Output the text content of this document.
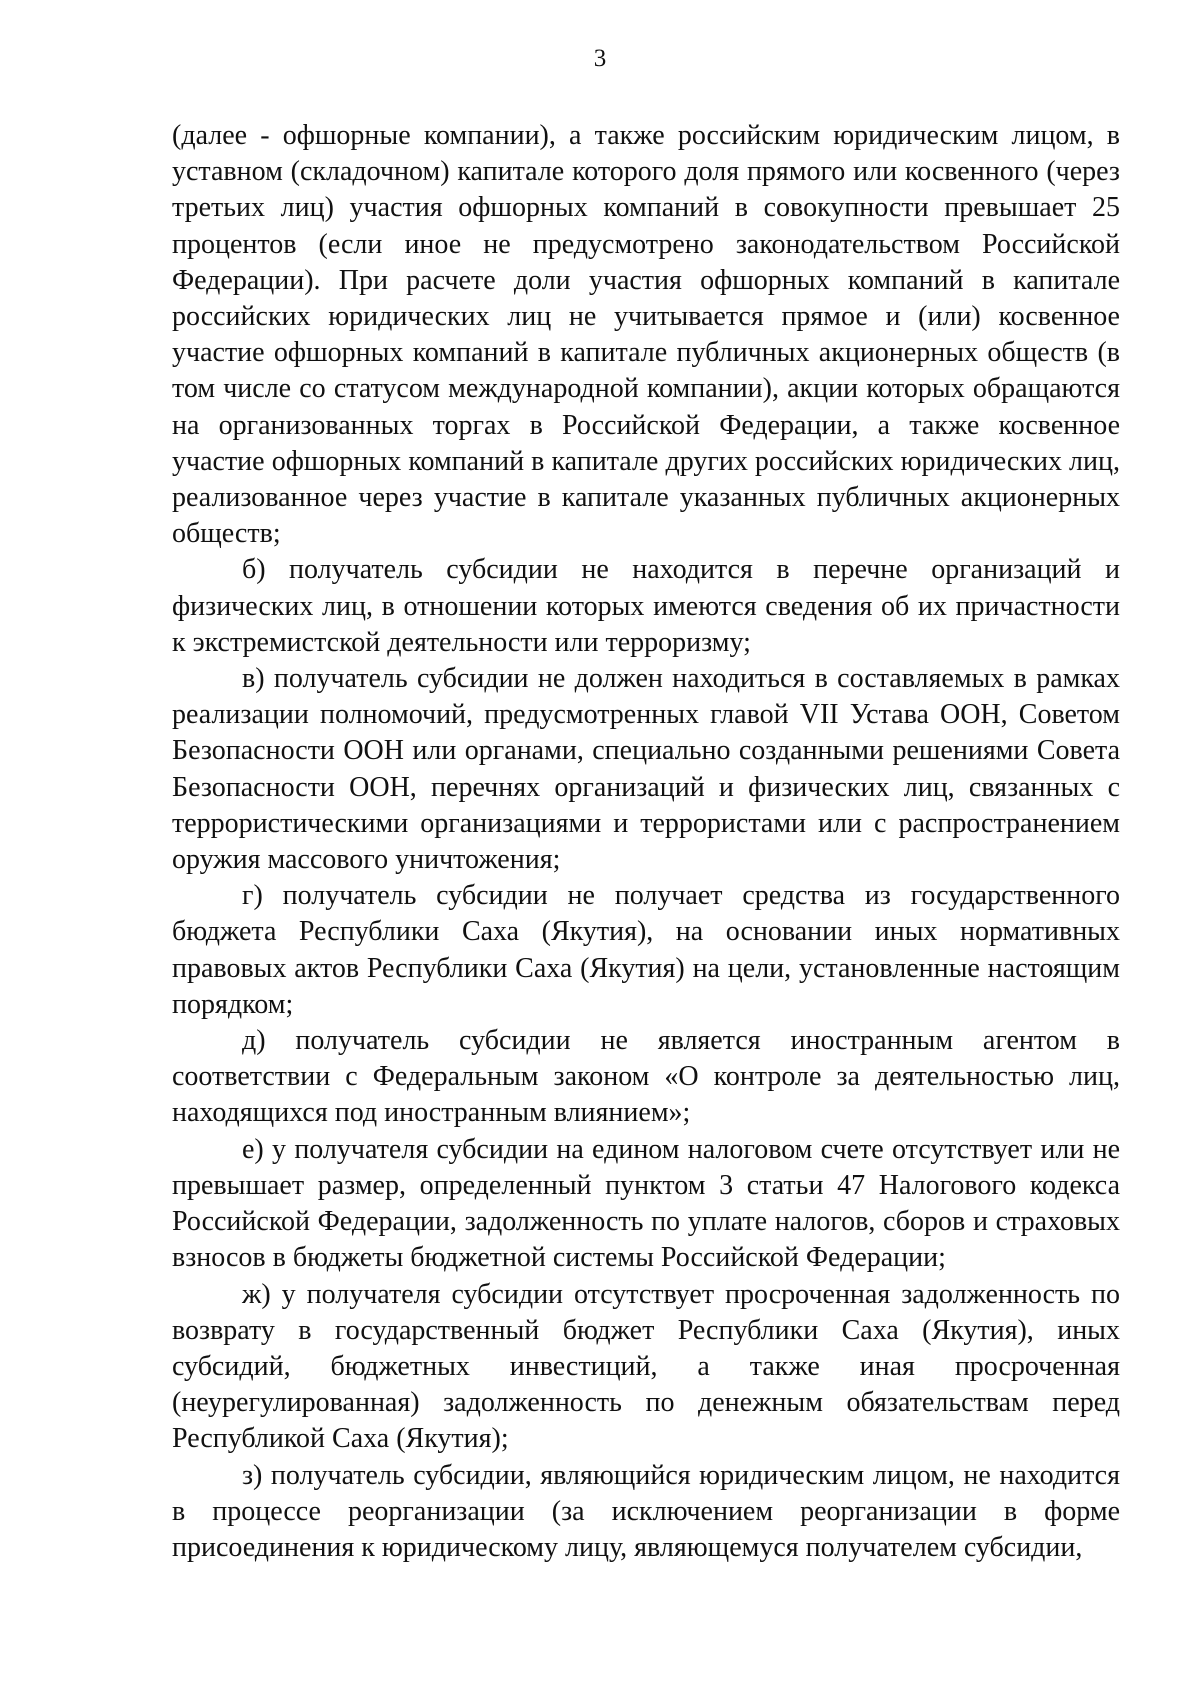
3

(далее - офшорные компании), а также российским юридическим лицом, в уставном (складочном) капитале которого доля прямого или косвенного (через третьих лиц) участия офшорных компаний в совокупности превышает 25 процентов (если иное не предусмотрено законодательством Российской Федерации). При расчете доли участия офшорных компаний в капитале российских юридических лиц не учитывается прямое и (или) косвенное участие офшорных компаний в капитале публичных акционерных обществ (в том числе со статусом международной компании), акции которых обращаются на организованных торгах в Российской Федерации, а также косвенное участие офшорных компаний в капитале других российских юридических лиц, реализованное через участие в капитале указанных публичных акционерных обществ;

б) получатель субсидии не находится в перечне организаций и физических лиц, в отношении которых имеются сведения об их причастности к экстремистской деятельности или терроризму;

в) получатель субсидии не должен находиться в составляемых в рамках реализации полномочий, предусмотренных главой VII Устава ООН, Советом Безопасности ООН или органами, специально созданными решениями Совета Безопасности ООН, перечнях организаций и физических лиц, связанных с террористическими организациями и террористами или с распространением оружия массового уничтожения;

г) получатель субсидии не получает средства из государственного бюджета Республики Саха (Якутия), на основании иных нормативных правовых актов Республики Саха (Якутия) на цели, установленные настоящим порядком;

д) получатель субсидии не является иностранным агентом в соответствии с Федеральным законом «О контроле за деятельностью лиц, находящихся под иностранным влиянием»;

е) у получателя субсидии на едином налоговом счете отсутствует или не превышает размер, определенный пунктом 3 статьи 47 Налогового кодекса Российской Федерации, задолженность по уплате налогов, сборов и страховых взносов в бюджеты бюджетной системы Российской Федерации;

ж) у получателя субсидии отсутствует просроченная задолженность по возврату в государственный бюджет Республики Саха (Якутия), иных субсидий, бюджетных инвестиций, а также иная просроченная (неурегулированная) задолженность по денежным обязательствам перед Республикой Саха (Якутия);

з) получатель субсидии, являющийся юридическим лицом, не находится в процессе реорганизации (за исключением реорганизации в форме присоединения к юридическому лицу, являющемуся получателем субсидии,
